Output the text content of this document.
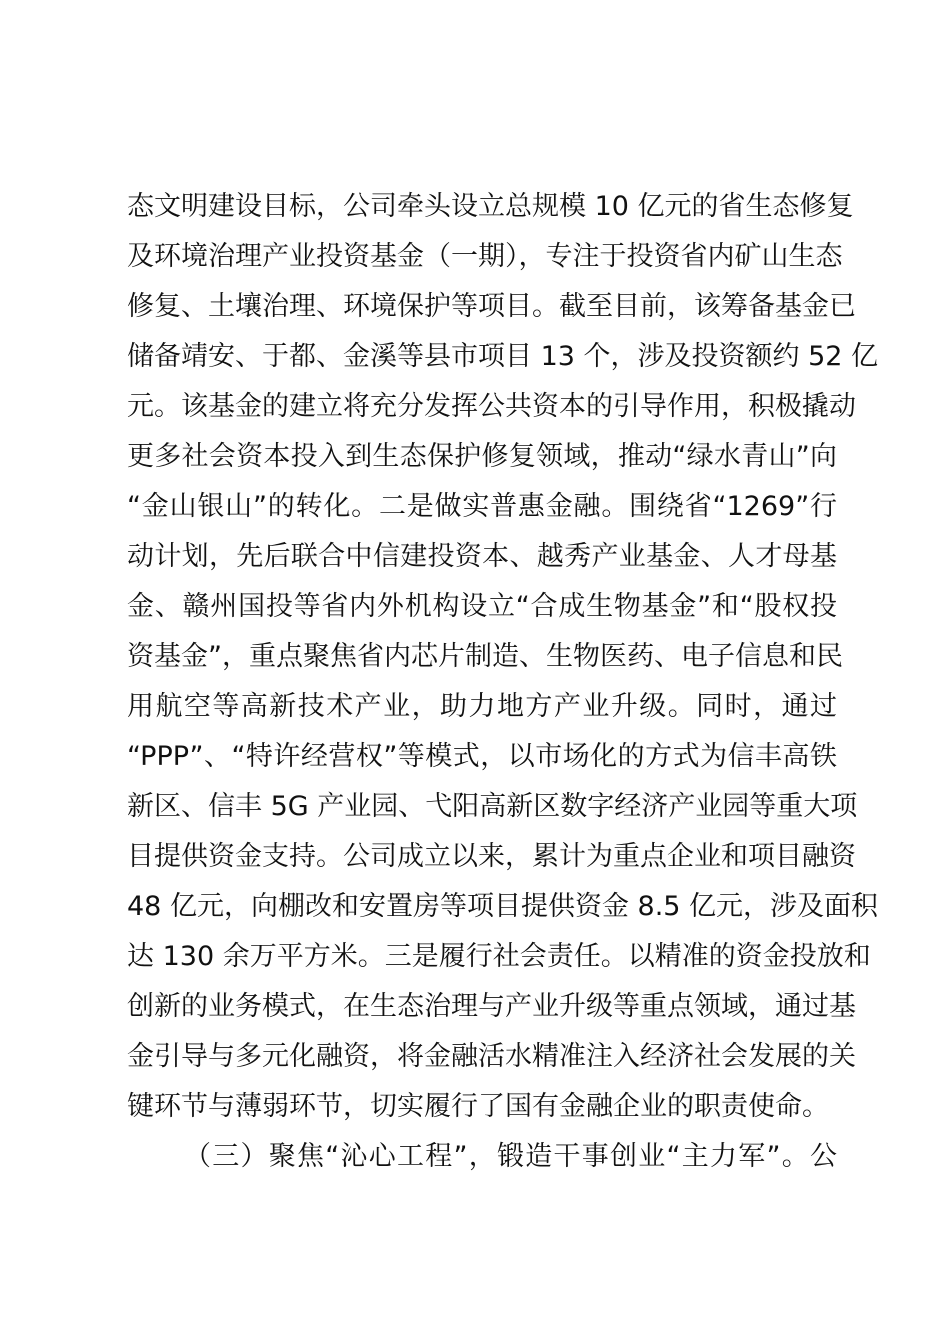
态文明建设目标，公司牵头设立总规模 10 亿元的省生态修复
及环境治理产业投资基金（一期），专注于投资省内矿山生态
修复、土壤治理、环境保护等项目。截至目前，该筹备基金已
储备靖安、于都、金溪等县市项目 13 个，涉及投资额约 52 亿
元。该基金的建立将充分发挥公共资本的引导作用，积极撬动
更多社会资本投入到生态保护修复领域，推动“绿水青山”向
“金山银山”的转化。二是做实普惠金融。围绕省“1269”行
动计划，先后联合中信建投资本、越秀产业基金、人才母基
金、赣州国投等省内外机构设立“合成生物基金”和“股权投
资基金”，重点聚焦省内芯片制造、生物医药、电子信息和民
用航空等高新技术产业，助力地方产业升级。同时，通过
“PPP”、“特许经营权”等模式，以市场化的方式为信丰高铁
新区、信丰 5G 产业园、弋阳高新区数字经济产业园等重大项
目提供资金支持。公司成立以来，累计为重点企业和项目融资
48 亿元，向棚改和安置房等项目提供资金 8.5 亿元，涉及面积
达 130 余万平方米。三是履行社会责任。以精准的资金投放和
创新的业务模式，在生态治理与产业升级等重点领域，通过基
金引导与多元化融资，将金融活水精准注入经济社会发展的关
键环节与薄弱环节，切实履行了国有金融企业的职责使命。
（三）聚焦“沁心工程”，锻造干事创业“主力军”。公
